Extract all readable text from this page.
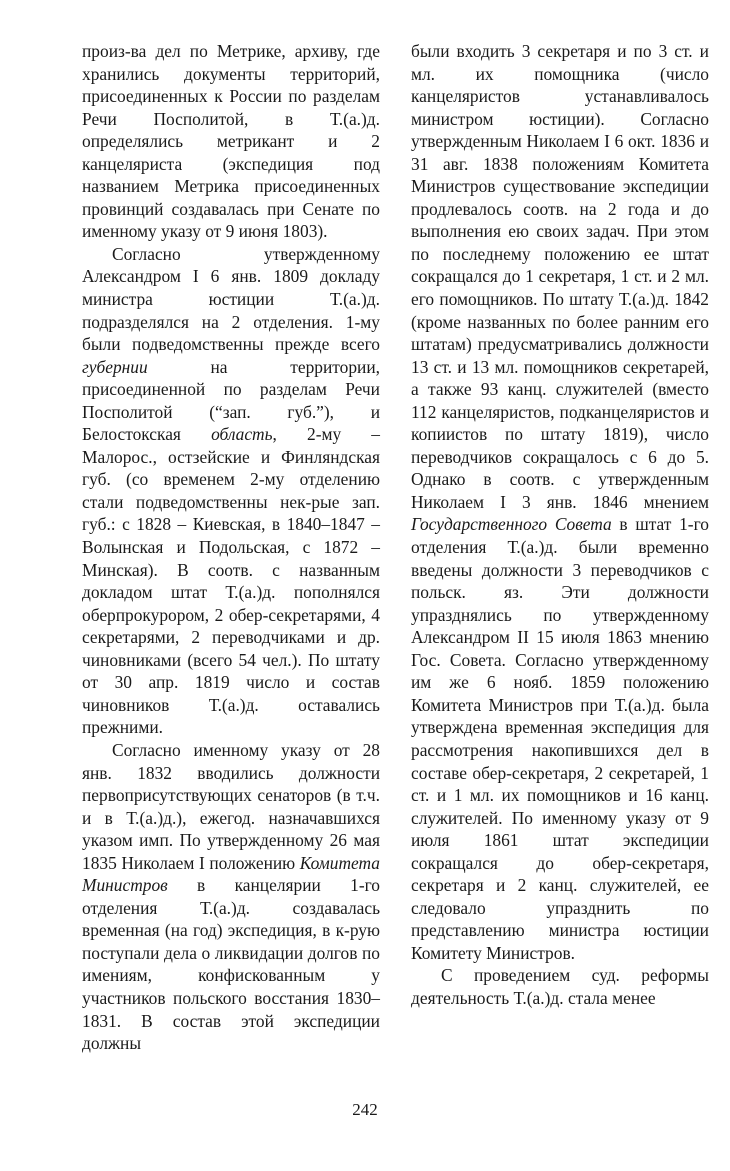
произ-ва дел по Метрике, архиву, где хранились документы территорий, присоединенных к России по разделам Речи Посполитой, в Т.(а.)д. определялись метрикант и 2 канцеляриста (экспедиция под названием Метрика присоединенных провинций создавалась при Сенате по именному указу от 9 июня 1803).

Согласно утвержденному Александром I 6 янв. 1809 докладу министра юстиции Т.(а.)д. подразделялся на 2 отделения. 1-му были подведомственны прежде всего губернии на территории, присоединенной по разделам Речи Посполитой (“зап. губ.”), и Белостокская область, 2-му – Малорос., остзейские и Финляндская губ. (со временем 2-му отделению стали подведомственны нек-рые зап. губ.: с 1828 – Киевская, в 1840–1847 – Волынская и Подольская, с 1872 – Минская). В соотв. с названным докладом штат Т.(а.)д. пополнялся оберпрокурором, 2 обер-секретарями, 4 секретарями, 2 переводчиками и др. чиновниками (всего 54 чел.). По штату от 30 апр. 1819 число и состав чиновников Т.(а.)д. оставались прежними.

Согласно именному указу от 28 янв. 1832 вводились должности первоприсутствующих сенаторов (в т.ч. и в Т.(а.)д.), ежегод. назначавшихся указом имп. По утвержденному 26 мая 1835 Николаем I положению Комитета Министров в канцелярии 1-го отделения Т.(а.)д. создавалась временная (на год) экспедиция, в к-рую поступали дела о ликвидации долгов по имениям, конфискованным у участников польского восстания 1830–1831. В состав этой экспедиции должны

были входить 3 секретаря и по 3 ст. и мл. их помощника (число канцеляристов устанавливалось министром юстиции). Согласно утвержденным Николаем I 6 окт. 1836 и 31 авг. 1838 положениям Комитета Министров существование экспедиции продлевалось соотв. на 2 года и до выполнения ею своих задач. При этом по последнему положению ее штат сокращался до 1 секретаря, 1 ст. и 2 мл. его помощников. По штату Т.(а.)д. 1842 (кроме названных по более ранним его штатам) предусматривались должности 13 ст. и 13 мл. помощников секретарей, а также 93 канц. служителей (вместо 112 канцеляристов, подканцеляристов и копиистов по штату 1819), число переводчиков сокращалось с 6 до 5. Однако в соотв. с утвержденным Николаем I 3 янв. 1846 мнением Государственного Совета в штат 1-го отделения Т.(а.)д. были временно введены должности 3 переводчиков с польск. яз. Эти должности упразднялись по утвержденному Александром II 15 июля 1863 мнению Гос. Совета. Согласно утвержденному им же 6 нояб. 1859 положению Комитета Министров при Т.(а.)д. была утверждена временная экспедиция для рассмотрения накопившихся дел в составе обер-секретаря, 2 секретарей, 1 ст. и 1 мл. их помощников и 16 канц. служителей. По именному указу от 9 июля 1861 штат экспедиции сокращался до обер-секретаря, секретаря и 2 канц. служителей, ее следовало упразднить по представлению министра юстиции Комитету Министров.

С проведением суд. реформы деятельность Т.(а.)д. стала менее

242
